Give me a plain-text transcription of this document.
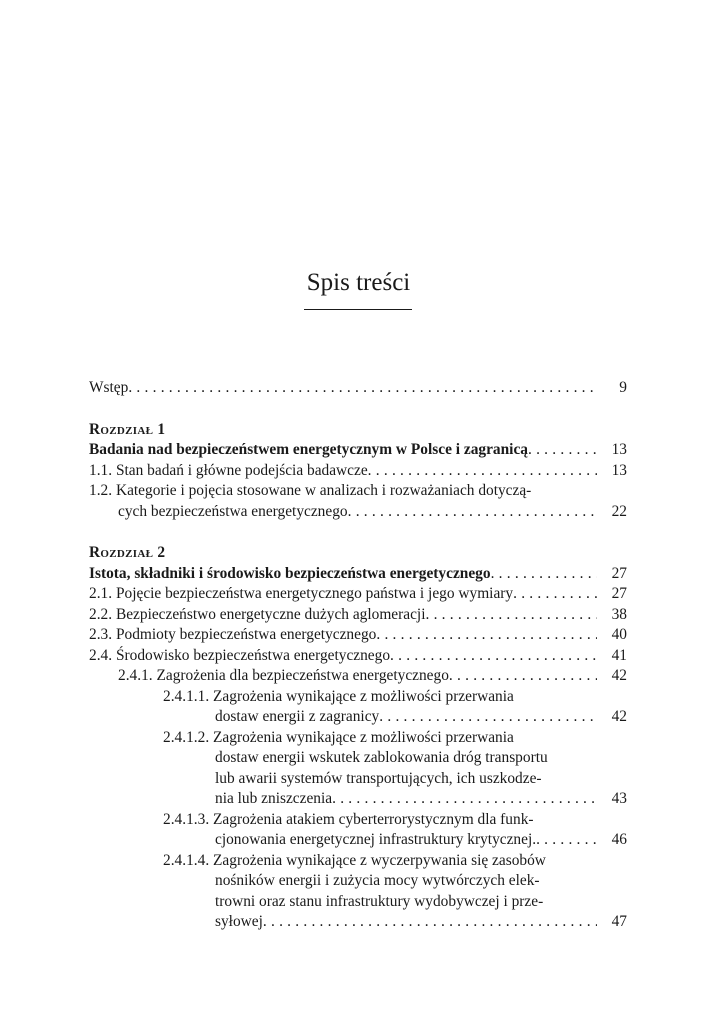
Spis treści
Wstęp . . .	9
Rozdział 1
Badania nad bezpieczeństwem energetycznym w Polsce i zagranicą . . .	13
1.1. Stan badań i główne podejścia badawcze . . .	13
1.2. Kategorie i pojęcia stosowane w analizach i rozważaniach dotyczą-
cych bezpieczeństwa energetycznego . . .	22
Rozdział 2
Istota, składniki i środowisko bezpieczeństwa energetycznego . . .	27
2.1. Pojęcie bezpieczeństwa energetycznego państwa i jego wymiary . . .	27
2.2. Bezpieczeństwo energetyczne dużych aglomeracji . . .	38
2.3. Podmioty bezpieczeństwa energetycznego . . .	40
2.4. Środowisko bezpieczeństwa energetycznego . . .	41
2.4.1. Zagrożenia dla bezpieczeństwa energetycznego . . .	42
2.4.1.1. Zagrożenia wynikające z możliwości przerwania
dostaw energii z zagranicy . . .	42
2.4.1.2. Zagrożenia wynikające z możliwości przerwania
dostaw energii wskutek zablokowania dróg transportu
lub awarii systemów transportujących, ich uszkodze-
nia lub zniszczenia . . .	43
2.4.1.3. Zagrożenia atakiem cyberterrorystycznym dla funk-
cjonowania energetycznej infrastruktury krytycznej. . . .	46
2.4.1.4. Zagrożenia wynikające z wyczerpywania się zasobów
nośników energii i zużycia mocy wytwórczych elek-
trowni oraz stanu infrastruktury wydobywczej i prze-
syłowej . . .	47
